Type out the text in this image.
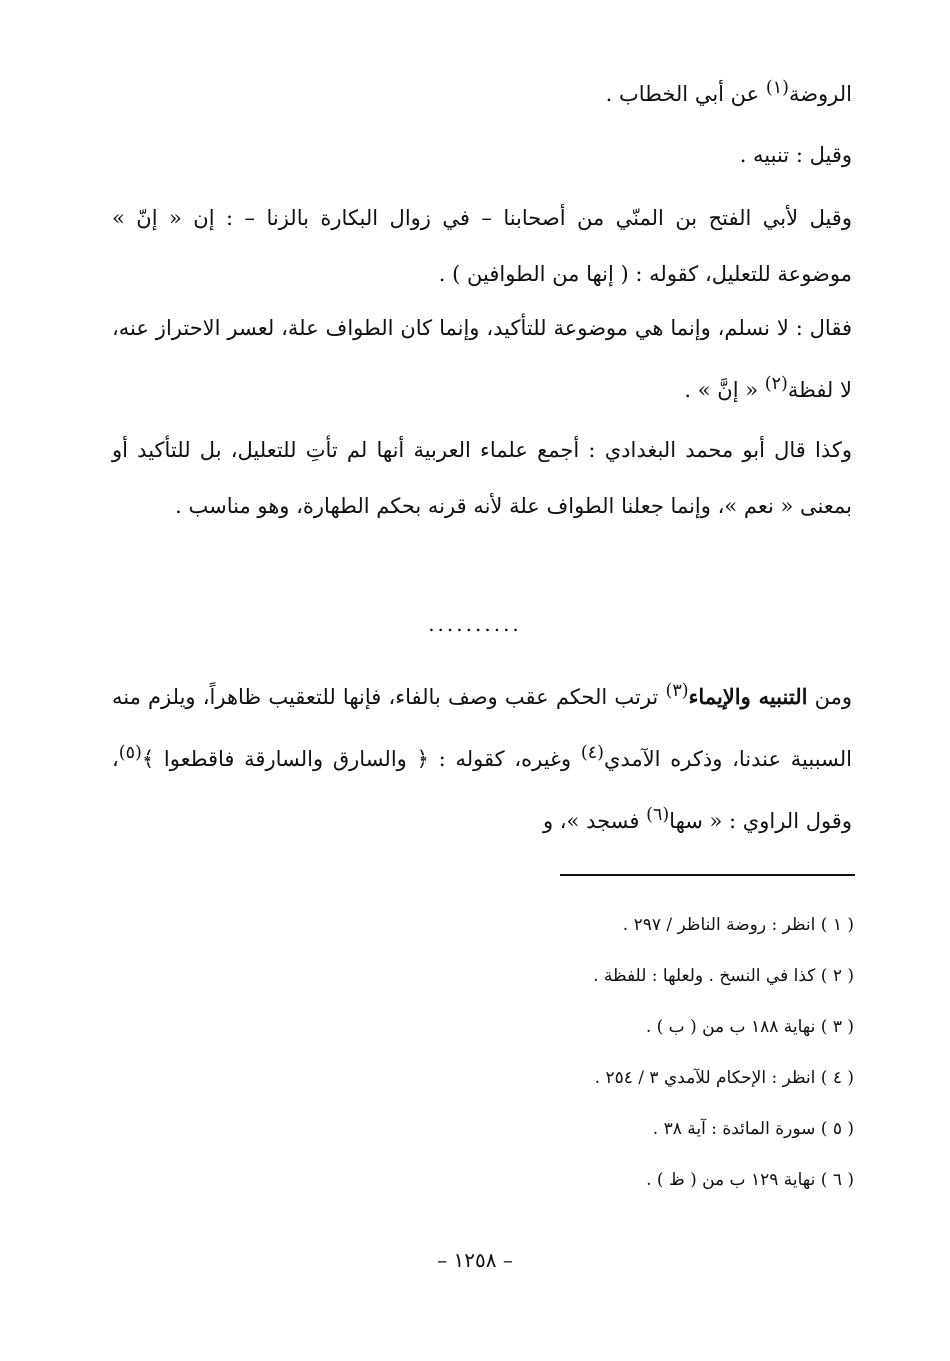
الروضة$^{(١)}$ عن أبي الخطاب .
وقيل : تنبيه .
وقيل لأبي الفتح بن المنّي من أصحابنا – في زوال البكارة بالزنا – : إن « إنّ » موضوعة للتعليل، كقوله : ( إنها من الطوافين ) .
فقال : لا نسلم، وإنما هي موضوعة للتأكيد، وإنما كان الطواف علة، لعسر الاحتراز عنه، لا لفظة$^{(٢)}$ « إنَّ » .
وكذا قال أبو محمد البغدادي : أجمع علماء العربية أنها لم تأتِ للتعليل، بل للتأكيد أو بمعنى « نعم »، وإنما جعلنا الطواف علة لأنه قرنه بحكم الطهارة، وهو مناسب .
..........
ومن التنبيه والإيماء$^{(٣)}$ ترتب الحكم عقب وصف بالفاء، فإنها للتعقيب ظاهراً، ويلزم منه السببية عندنا، وذكره الآمدي$^{(٤)}$ وغيره، كقوله : ﴿ والسارق والسارقة فاقطعوا ﴾$^{(٥)}$، وقول الراوي : « سها$^{(٦)}$ فسجد »، و
( ١ ) انظر : روضة الناظر / ٢٩٧ .
( ٢ ) كذا في النسخ . ولعلها : للفظة .
( ٣ ) نهاية ١٨٨ ب من ( ب ) .
( ٤ ) انظر : الإحكام للآمدي ٣ / ٢٥٤ .
( ٥ ) سورة المائدة : آية ٣٨ .
( ٦ ) نهاية ١٢٩ ب من ( ظ ) .
– ١٢٥٨ –
